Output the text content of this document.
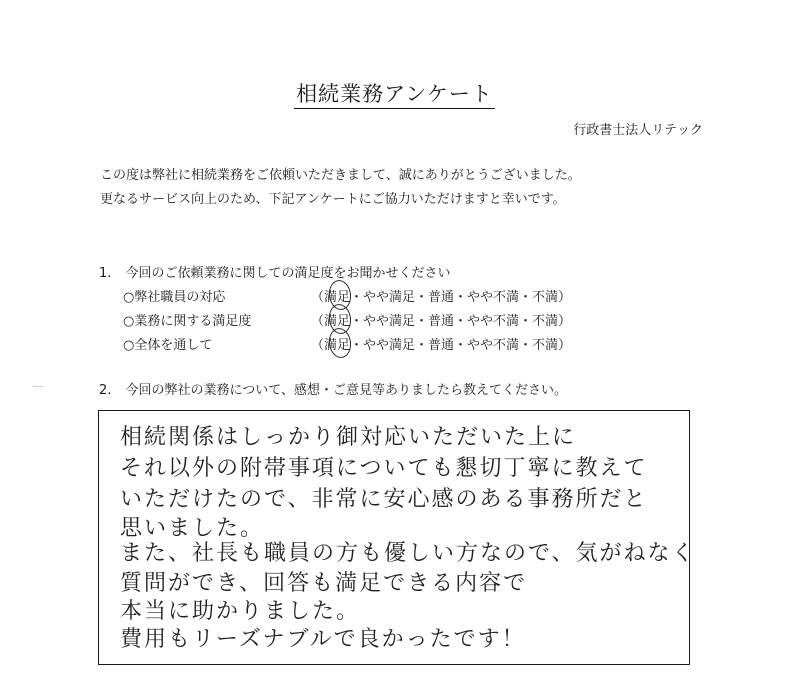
相続業務アンケート
行政書士法人リテック
この度は弊社に相続業務をご依頼いただきまして、誠にありがとうございました。
更なるサービス向上のため、下記アンケートにご協力いただけますと幸いです。
1. 今回のご依頼業務に関しての満足度をお聞かせください
○弊社職員の対応	（満足・やや満足・普通・やや不満・不満）
○業務に関する満足度	（満足・やや満足・普通・やや不満・不満）
○全体を通して	（満足・やや満足・普通・やや不満・不満）
2. 今回の弊社の業務について、感想・ご意見等ありましたら教えてください。
相続関係はしっかり御対応いただいた上に
それ以外の附帯事項についても懇切丁寧に教えて
いただけたので、非常に安心感のある事務所だと
思いました。
また、社長も職員の方も優しい方なので、気がねなく
質問ができ、回答も満足できる内容で
本当に助かりました。
費用もリーズナブルで良かったです！
